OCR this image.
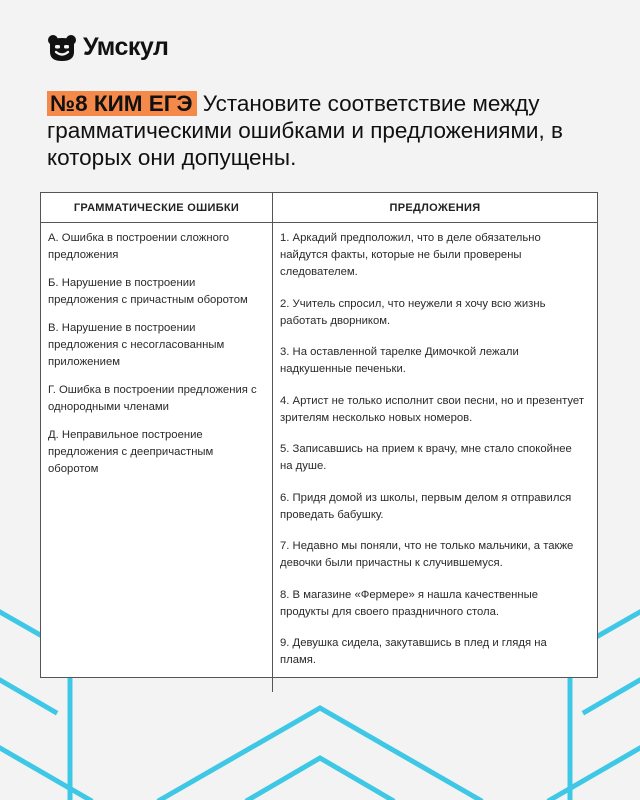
Умскул
№8 КИМ ЕГЭ Установите соответствие между грамматическими ошибками и предложениями, в которых они допущены.
ГРАММАТИЧЕСКИЕ ОШИБКИ	ПРЕДЛОЖЕНИЯ
А. Ошибка в построении сложного предложения
Б. Нарушение в построении предложения с причастным оборотом
В. Нарушение в построении предложения с несогласованным приложением
Г. Ошибка в построении предложения с однородными членами
Д. Неправильное построение предложения с деепричастным оборотом
1. Аркадий предположил, что в деле обязательно найдутся факты, которые не были проверены следователем.
2. Учитель спросил, что неужели я хочу всю жизнь работать дворником.
3. На оставленной тарелке Димочкой лежали надкушенные печеньки.
4. Артист не только исполнит свои песни, но и презентует зрителям несколько новых номеров.
5. Записавшись на прием к врачу, мне стало спокойнее на душе.
6. Придя домой из школы, первым делом я отправился проведать бабушку.
7. Недавно мы поняли, что не только мальчики, а также девочки были причастны к случившемуся.
8. В магазине «Фермере» я нашла качественные продукты для своего праздничного стола.
9. Девушка сидела, закутавшись в плед и глядя на пламя.
